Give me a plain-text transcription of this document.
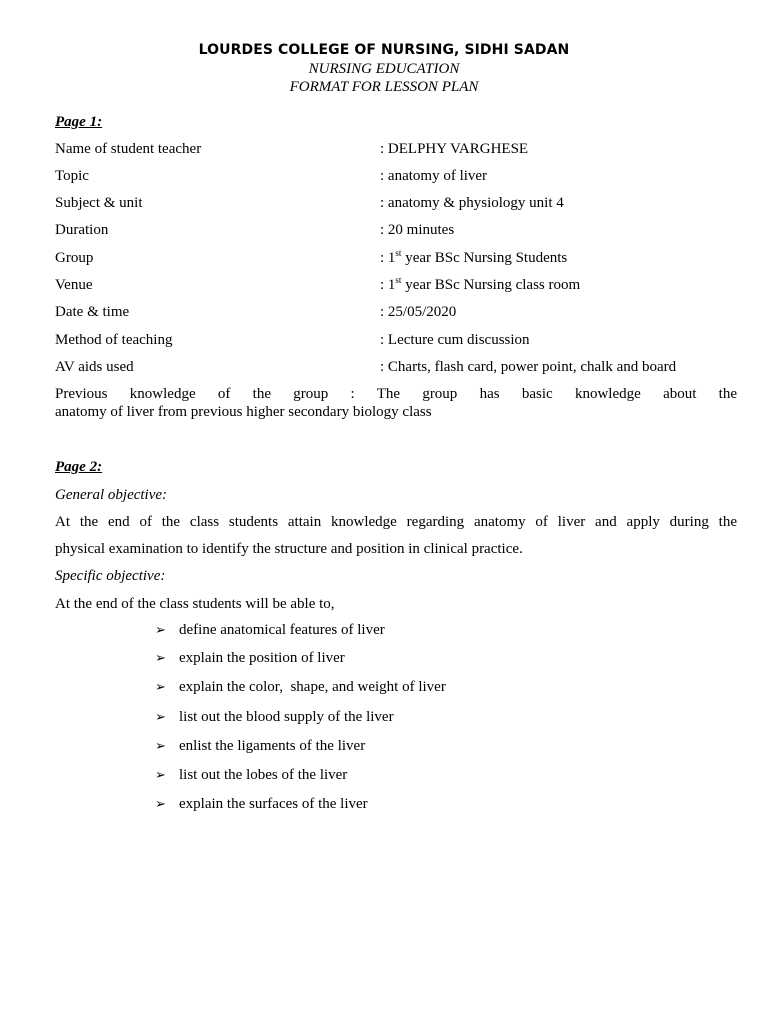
LOURDES COLLEGE OF NURSING, SIDHI SADAN
NURSING EDUCATION
FORMAT FOR LESSON PLAN
Page 1:
Name of student teacher	: DELPHY VARGHESE
Topic	: anatomy of liver
Subject & unit	: anatomy & physiology unit 4
Duration	: 20 minutes
Group	: 1st year BSc Nursing Students
Venue	: 1st year BSc Nursing class room
Date & time	: 25/05/2020
Method of teaching	: Lecture cum discussion
AV aids used	: Charts, flash card, power point, chalk and board
Previous knowledge of the group : The group has basic knowledge about the
anatomy of liver from previous higher secondary biology class
Page 2:
General objective:
At the end of the class students attain knowledge regarding anatomy of liver and apply during the
physical examination to identify the structure and position in clinical practice.
Specific objective:
At the end of the class students will be able to,
➢ define anatomical features of liver
➢ explain the position of liver
➢ explain the color,  shape, and weight of liver
➢ list out the blood supply of the liver
➢ enlist the ligaments of the liver
➢ list out the lobes of the liver
➢ explain the surfaces of the liver
